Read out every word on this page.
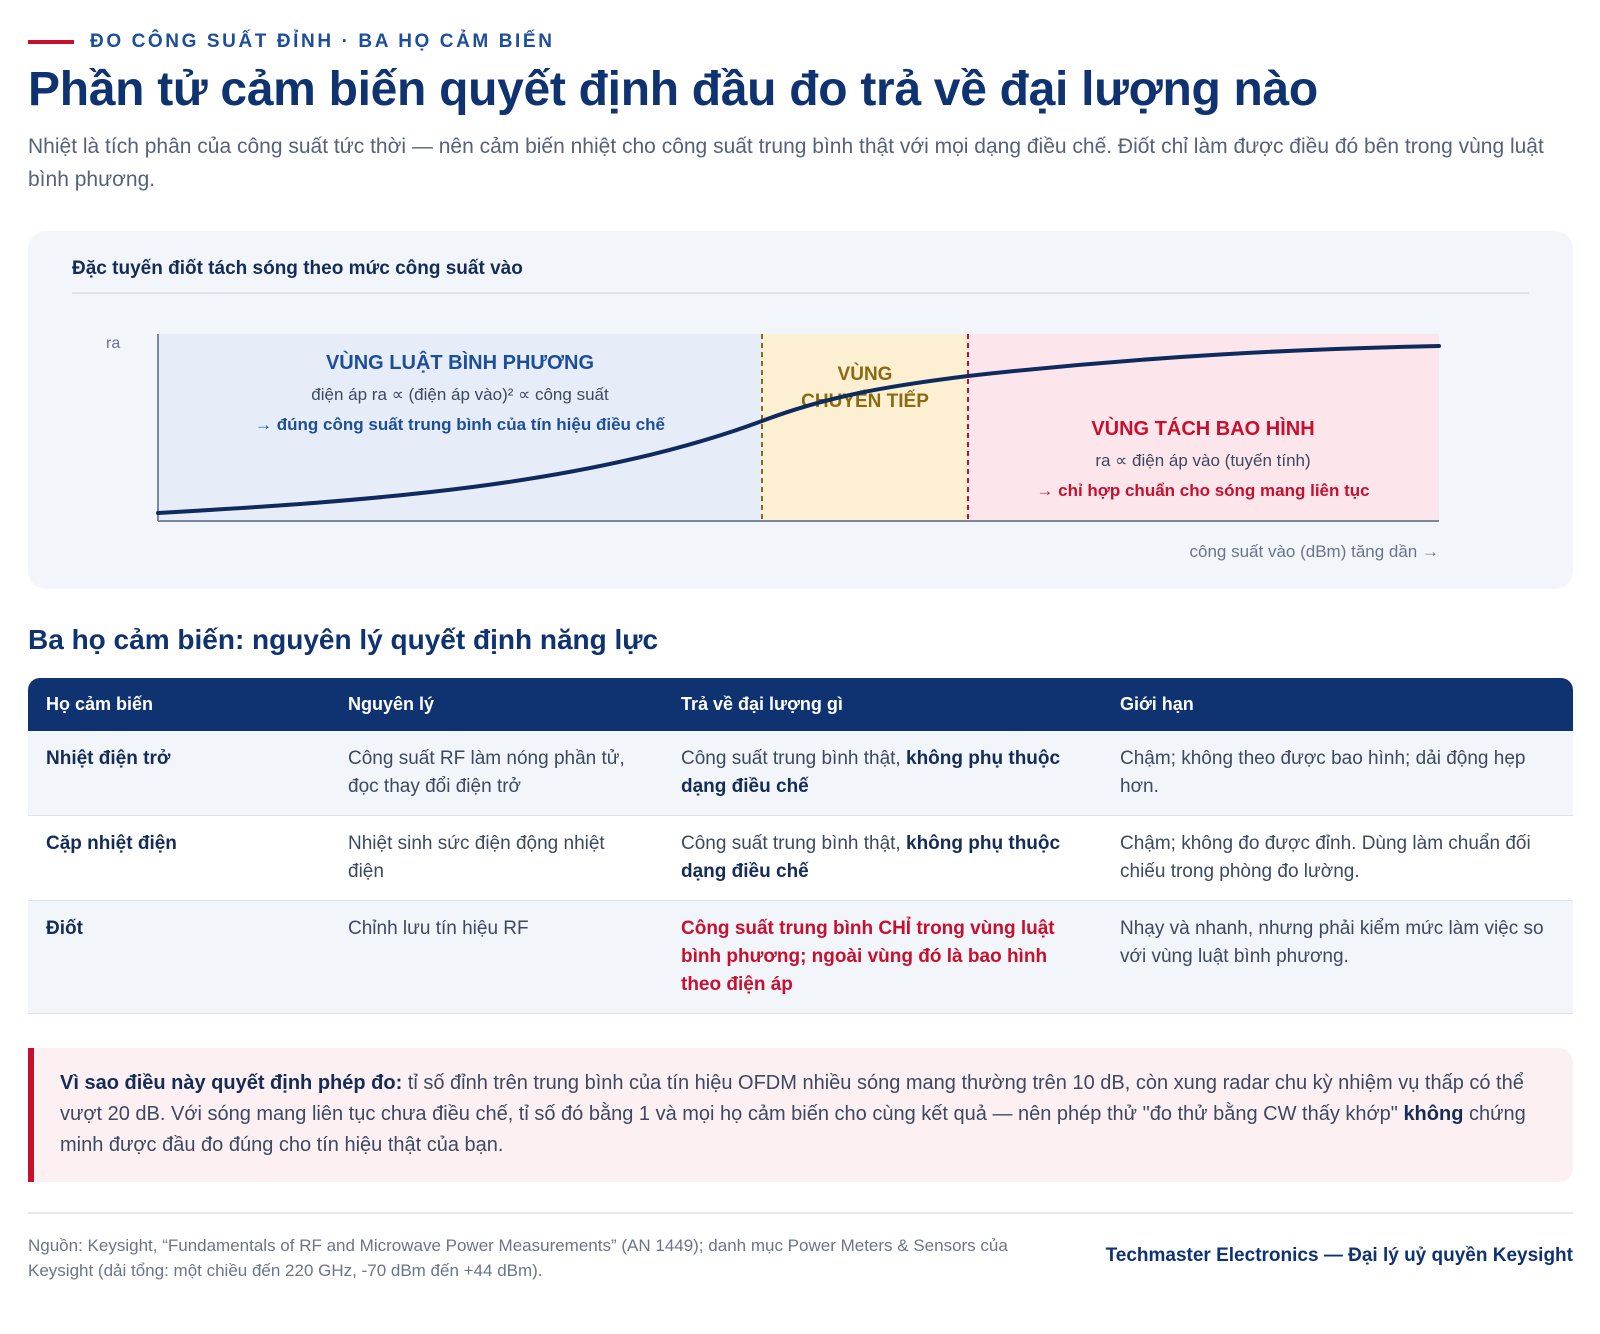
ĐO CÔNG SUẤT ĐỈNH · BA HỌ CẢM BIẾN
Phần tử cảm biến quyết định đầu đo trả về đại lượng nào

Nhiệt là tích phân của công suất tức thời — nên cảm biến nhiệt cho công suất trung bình thật với mọi dạng điều chế. Điốt chỉ làm được điều đó bên trong vùng luật bình phương.

Đặc tuyến điốt tách sóng theo mức công suất vào
ra
VÙNG LUẬT BÌNH PHƯƠNG
điện áp ra ∝ (điện áp vào)² ∝ công suất
→ đúng công suất trung bình của tín hiệu điều chế
VÙNG
CHUYỂN TIẾP
VÙNG TÁCH BAO HÌNH
ra ∝ điện áp vào (tuyến tính)
→ chỉ hợp chuẩn cho sóng mang liên tục
công suất vào (dBm) tăng dần →
Ba họ cảm biến: nguyên lý quyết định năng lực
Họ cảm biến	Nguyên lý	Trả về đại lượng gì	Giới hạn
Nhiệt điện trở	Công suất RF làm nóng phần tử, đọc thay đổi điện trở	Công suất trung bình thật, không phụ thuộc dạng điều chế	Chậm; không theo được bao hình; dải động hẹp hơn.
Cặp nhiệt điện	Nhiệt sinh sức điện động nhiệt điện	Công suất trung bình thật, không phụ thuộc dạng điều chế	Chậm; không đo được đỉnh. Dùng làm chuẩn đối chiếu trong phòng đo lường.
Điốt	Chỉnh lưu tín hiệu RF	Công suất trung bình CHỈ trong vùng luật bình phương; ngoài vùng đó là bao hình theo điện áp	Nhạy và nhanh, nhưng phải kiểm mức làm việc so với vùng luật bình phương.
Vì sao điều này quyết định phép đo: tỉ số đỉnh trên trung bình của tín hiệu OFDM nhiều sóng mang thường trên 10 dB, còn xung radar chu kỳ nhiệm vụ thấp có thể vượt 20 dB. Với sóng mang liên tục chưa điều chế, tỉ số đó bằng 1 và mọi họ cảm biến cho cùng kết quả — nên phép thử "đo thử bằng CW thấy khớp" không chứng minh được đầu đo đúng cho tín hiệu thật của bạn.

Nguồn: Keysight, “Fundamentals of RF and Microwave Power Measurements” (AN 1449); danh mục Power Meters & Sensors của Keysight (dải tổng: một chiều đến 220 GHz, -70 dBm đến +44 dBm).

Techmaster Electronics — Đại lý uỷ quyền Keysight
